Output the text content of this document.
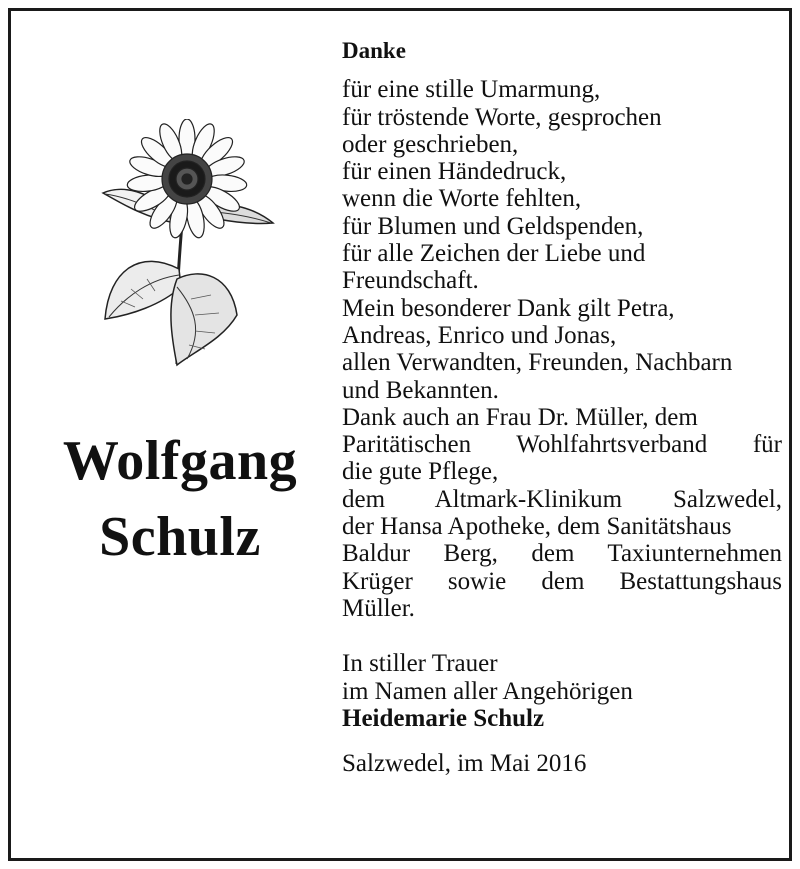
Wolfgang
Schulz
Danke
für eine stille Umarmung,
für tröstende Worte, gesprochen
oder geschrieben,
für einen Händedruck,
wenn die Worte fehlten,
für Blumen und Geldspenden,
für alle Zeichen der Liebe und
Freundschaft.
Mein besonderer Dank gilt Petra,
Andreas, Enrico und Jonas,
allen Verwandten, Freunden, Nachbarn
und Bekannten.
Dank auch an Frau Dr. Müller, dem
Paritätischen Wohlfahrtsverband für
die gute Pflege,
dem Altmark-Klinikum Salzwedel,
der Hansa Apotheke, dem Sanitätshaus
Baldur Berg, dem Taxiunternehmen
Krüger sowie dem Bestattungshaus
Müller.
In stiller Trauer
im Namen aller Angehörigen
Heidemarie Schulz
Salzwedel, im Mai 2016
